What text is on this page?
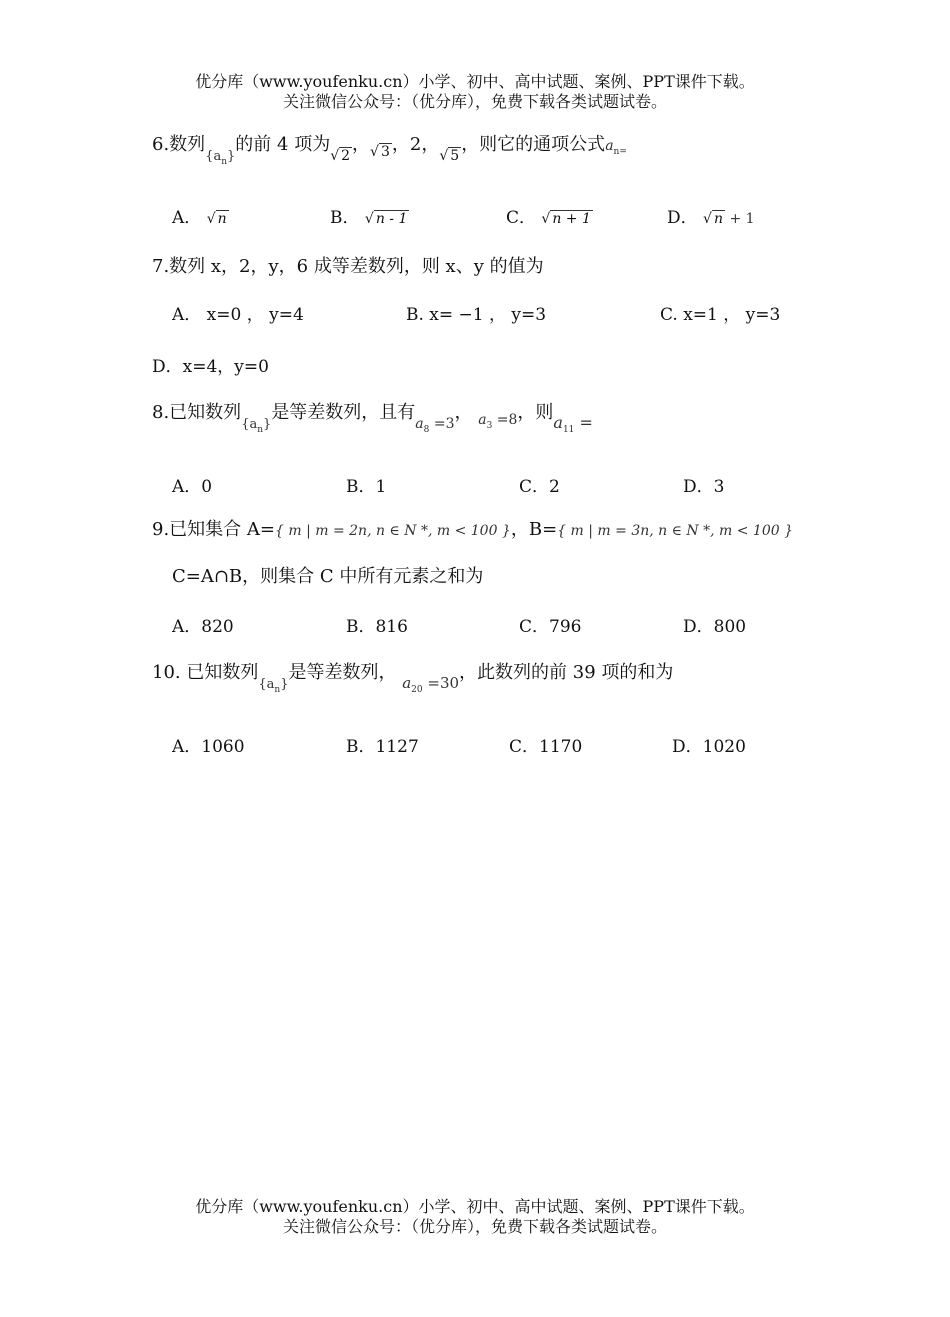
优分库（www.youfenku.cn）小学、初中、高中试题、案例、PPT课件下载。
关注微信公众号：（优分库），免费下载各类试题试卷。
6.数列$_{\{a_n\}}$的前 4 项为√ 2，√ 3 ，2，√ 5，则它的通项公式$a_{n=}$
A． √ n	B． √ n - 1	C． √ n + 1	D． √ n + 1
7.数列 x，2，y，6 成等差数列，则 x、y 的值为
A． x=0 ， y=4	B. x= −1 ， y=3	C. x=1 ， y=3
D．x=4，y=0
8.已知数列$_{\{a_n\}}$是等差数列，且有$_{a_8 =3}$， $_{a_3 =8}$，则$a_{11}$ =
A．0	B．1	C．2	D．3
9.已知集合 A={ m | m = 2n, n ∈ N *, m < 100 }，B={ m | m = 3n, n ∈ N *, m < 100 }
C=A∩B，则集合 C 中所有元素之和为
A．820	B．816	C．796	D．800
10. 已知数列$_{\{a_n\}}$是等差数列， $_{a_{20} =30}$，此数列的前 39 项的和为
A．1060	B．1127	C．1170	D．1020
优分库（www.youfenku.cn）小学、初中、高中试题、案例、PPT课件下载。
关注微信公众号：（优分库），免费下载各类试题试卷。
